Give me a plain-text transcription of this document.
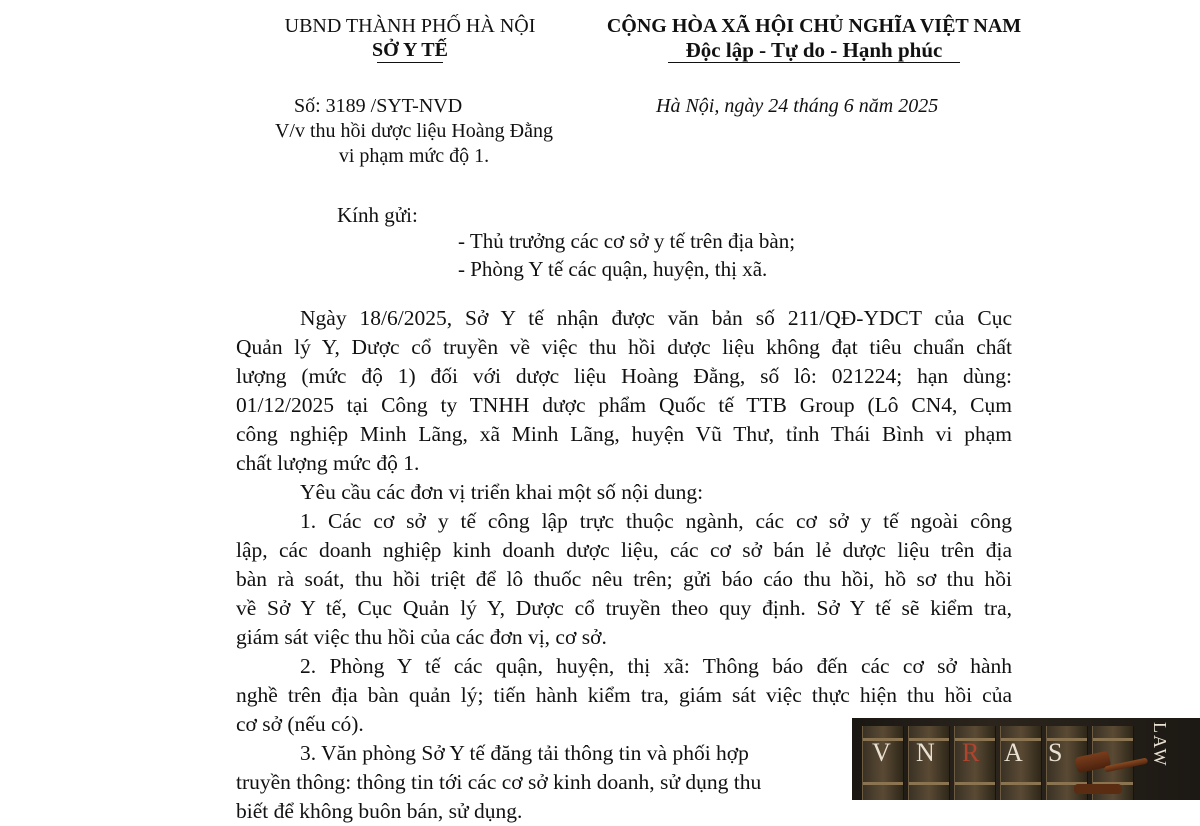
UBND THÀNH PHỐ HÀ NỘI
SỞ Y TẾ
CỘNG HÒA XÃ HỘI CHỦ NGHĨA VIỆT NAM
Độc lập - Tự do - Hạnh phúc
Số: 3189 /SYT-NVD
V/v thu hồi dược liệu Hoàng Đằng
vi phạm mức độ 1.
Hà Nội, ngày 24 tháng 6 năm 2025
Kính gửi:
- Thủ trưởng các cơ sở y tế trên địa bàn;
- Phòng Y tế các quận, huyện, thị xã.
Ngày 18/6/2025, Sở Y tế nhận được văn bản số 211/QĐ-YDCT của Cục
Quản lý Y, Dược cổ truyền về việc thu hồi dược liệu không đạt tiêu chuẩn chất
lượng (mức độ 1) đối với dược liệu Hoàng Đằng, số lô: 021224; hạn dùng:
01/12/2025 tại Công ty TNHH dược phẩm Quốc tế TTB Group (Lô CN4, Cụm
công nghiệp Minh Lãng, xã Minh Lãng, huyện Vũ Thư, tỉnh Thái Bình vi phạm
chất lượng mức độ 1.
Yêu cầu các đơn vị triển khai một số nội dung:
1. Các cơ sở y tế công lập trực thuộc ngành, các cơ sở y tế ngoài công
lập, các doanh nghiệp kinh doanh dược liệu, các cơ sở bán lẻ dược liệu trên địa
bàn rà soát, thu hồi triệt để lô thuốc nêu trên; gửi báo cáo thu hồi, hồ sơ thu hồi
về Sở Y tế, Cục Quản lý Y, Dược cổ truyền theo quy định. Sở Y tế sẽ kiểm tra,
giám sát việc thu hồi của các đơn vị, cơ sở.
2. Phòng Y tế các quận, huyện, thị xã: Thông báo đến các cơ sở hành
nghề trên địa bàn quản lý; tiến hành kiểm tra, giám sát việc thực hiện thu hồi của
cơ sở (nếu có).
3. Văn phòng Sở Y tế đăng tải thông tin và phối hợp
truyền thông: thông tin tới các cơ sở kinh doanh, sử dụng thu
biết để không buôn bán, sử dụng.
V N R A S	LAW
